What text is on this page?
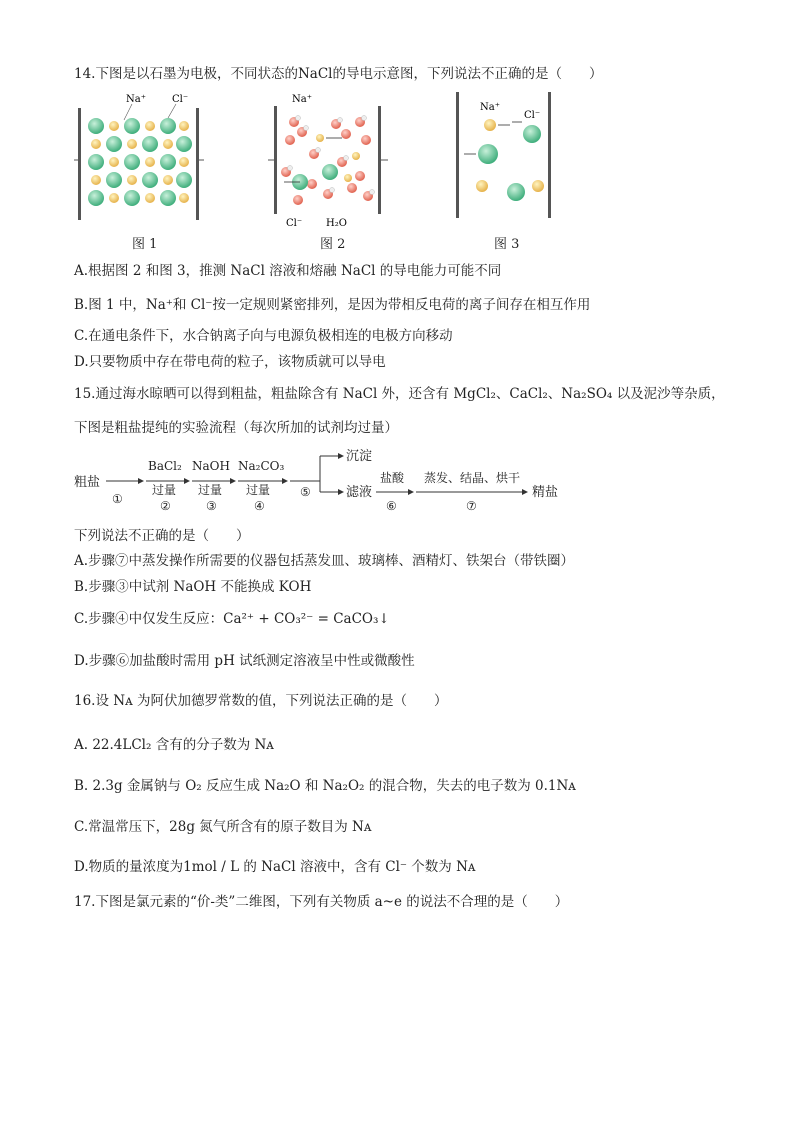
14.下图是以石墨为电极，不同状态的NaCl的导电示意图，下列说法不正确的是（　　）
Na⁺	Cl⁻
图 1
Na⁺
Cl⁻ H₂O
图 2
Na⁺
Cl⁻
图 3
A.根据图 2 和图 3，推测 NaCl 溶液和熔融 NaCl 的导电能力可能不同
B.图 1 中，Na⁺和 Cl⁻按一定规则紧密排列，是因为带相反电荷的离子间存在相互作用
C.在通电条件下，水合钠离子向与电源负极相连的电极方向移动
D.只要物质中存在带电荷的粒子，该物质就可以导电
15.通过海水晾晒可以得到粗盐，粗盐除含有 NaCl 外，还含有 MgCl₂、CaCl₂、Na₂SO₄ 以及泥沙等杂质，
下图是粗盐提纯的实验流程（每次所加的试剂均过量）
粗盐
①
BaCl₂
过量
②
NaOH
过量
③
Na₂CO₃
过量
④
⑤
沉淀
滤液
盐酸
⑥
蒸发、结晶、烘干
⑦
精盐
下列说法不正确的是（　　）
A.步骤⑦中蒸发操作所需要的仪器包括蒸发皿、玻璃棒、酒精灯、铁架台（带铁圈）
B.步骤③中试剂 NaOH 不能换成 KOH
C.步骤④中仅发生反应：Ca²⁺ + CO₃²⁻ = CaCO₃↓
D.步骤⑥加盐酸时需用 pH 试纸测定溶液呈中性或微酸性
16.设 Nᴀ 为阿伏加德罗常数的值，下列说法正确的是（　　）
A. 22.4LCl₂ 含有的分子数为 Nᴀ
B. 2.3g 金属钠与 O₂ 反应生成 Na₂O 和 Na₂O₂ 的混合物，失去的电子数为 0.1Nᴀ
C.常温常压下，28g 氮气所含有的原子数目为 Nᴀ
D.物质的量浓度为1mol / L 的 NaCl 溶液中，含有 Cl⁻ 个数为 Nᴀ
17.下图是氯元素的“价-类”二维图，下列有关物质 a~e 的说法不合理的是（　　）
